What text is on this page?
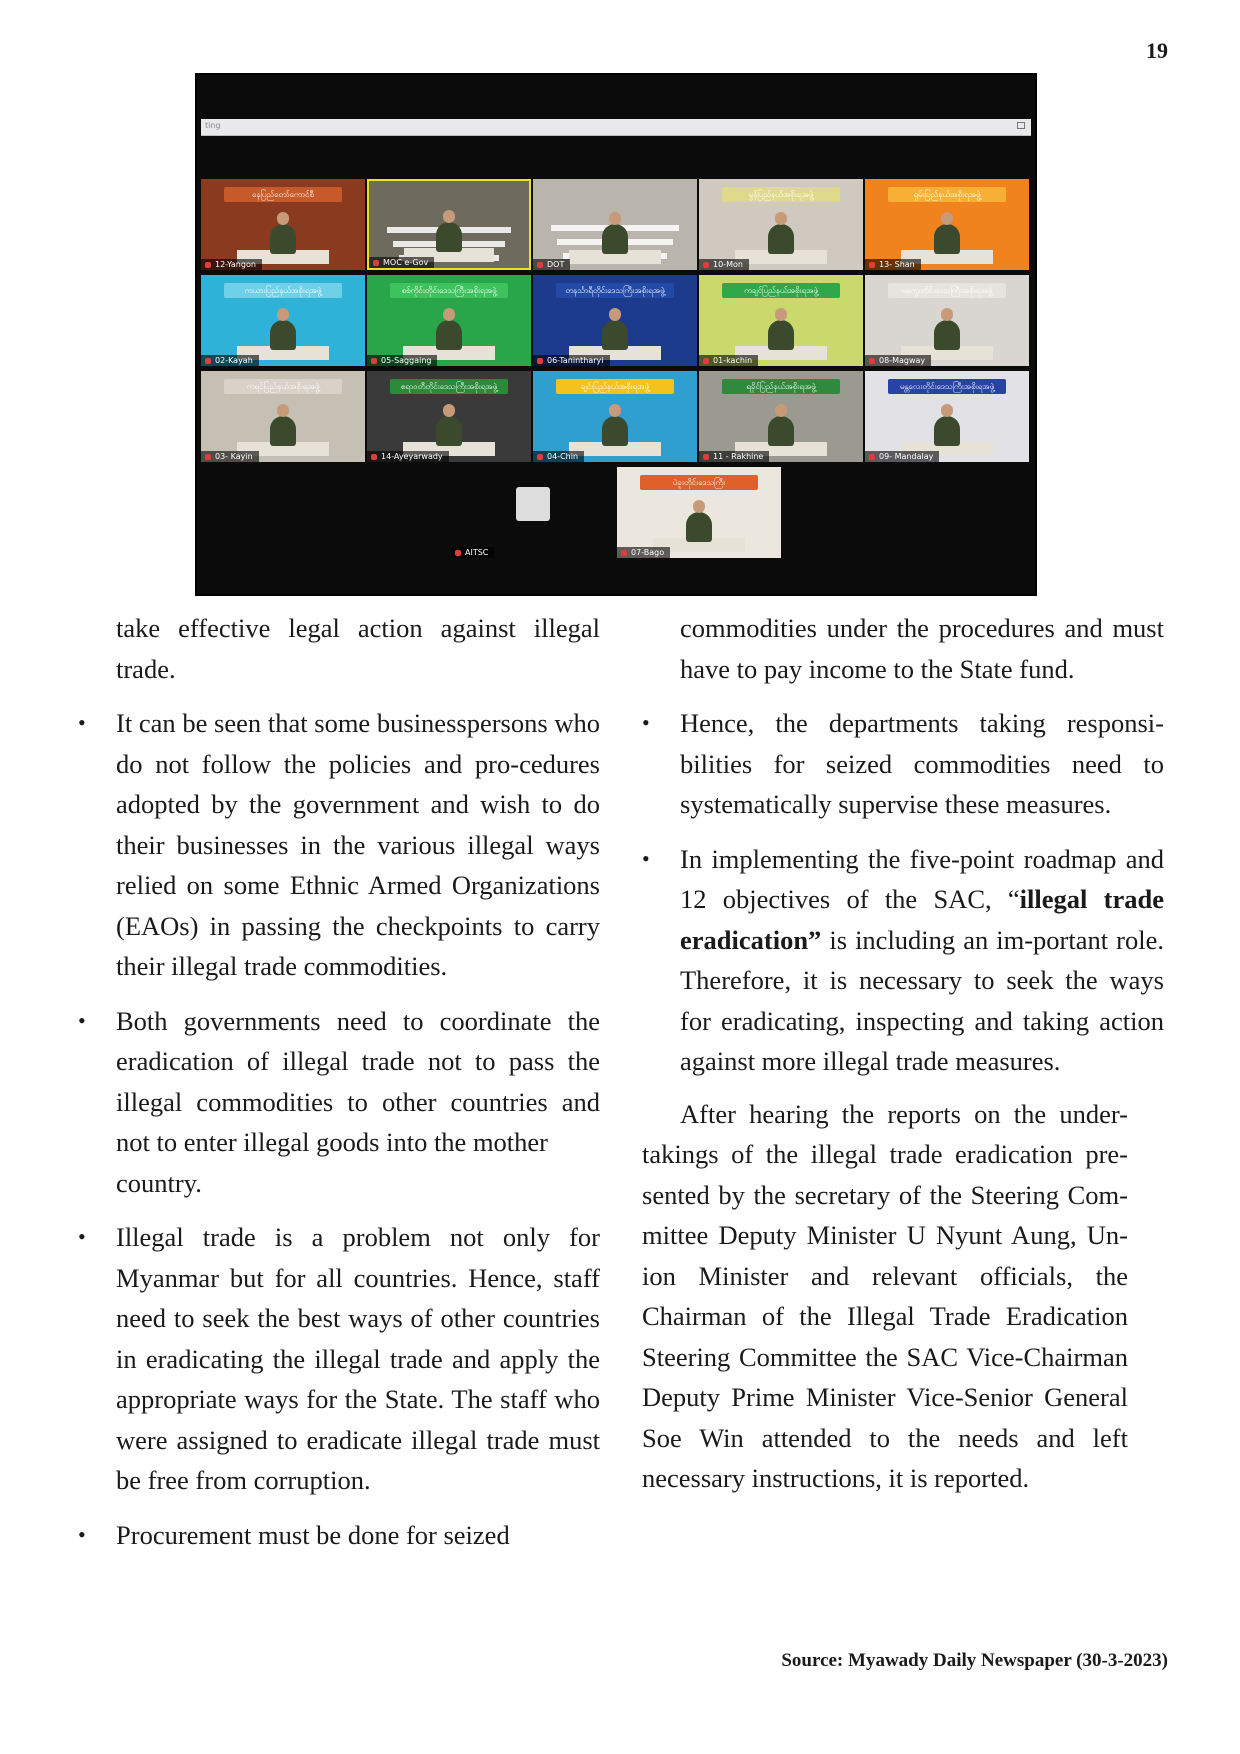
19
ting
နေပြည်တော်ကောင်စီ
12-Yangon	MOC e-Gov	DOT
မွန်ပြည်နယ်အစိုးရအဖွဲ့
10-Mon
ရှမ်းပြည်နယ်အစိုးရအဖွဲ့
13- Shan
ကယားပြည်နယ်အစိုးရအဖွဲ့
02-Kayah
စစ်ကိုင်းတိုင်းဒေသကြီးအစိုးရအဖွဲ့
05-Saggaing
တနင်္သာရီတိုင်းဒေသကြီးအစိုးရအဖွဲ့
06-Tanintharyi
ကချင်ပြည်နယ်အစိုးရအဖွဲ့
01-kachin
မကွေးတိုင်းဒေသကြီးအစိုးရအဖွဲ့
08-Magway
ကရင်ပြည်နယ်အစိုးရအဖွဲ့
03- Kayin
ဧရာဝတီတိုင်းဒေသကြီးအစိုးရအဖွဲ့
14-Ayeyarwady
ချင်းပြည်နယ်အစိုးရအဖွဲ့
04-Chin
ရခိုင်ပြည်နယ်အစိုးရအဖွဲ့
11 - Rakhine
မန္တလေးတိုင်းဒေသကြီးအစိုးရအဖွဲ့
09- Mandalay
AITSC
ပဲခူးတိုင်းဒေသကြီး
07-Bago

take effective legal action against illegal trade.

• It can be seen that some businesspersons who do not follow the policies and pro-cedures adopted by the government and wish to do their businesses in the various illegal ways relied on some Ethnic Armed Organizations (EAOs) in passing the checkpoints to carry their illegal trade commodities.
• Both governments need to coordinate the eradication of illegal trade not to pass the illegal commodities to other countries and not to enter illegal goods into the mother
country.
• Illegal trade is a problem not only for Myanmar but for all countries. Hence, staff need to seek the best ways of other countries in eradicating the illegal trade and apply the appropriate ways for the State. The staff who were assigned to eradicate illegal trade must be free from corruption.
• Procurement must be done for seized

commodities under the procedures and must have to pay income to the State fund.

• Hence, the departments taking responsi-bilities for seized commodities need to systematically supervise these measures.
• In implementing the five-point roadmap and 12 objectives of the SAC, “illegal trade eradication” is including an im-portant role. Therefore, it is necessary to seek the ways for eradicating, inspecting and taking action against more illegal trade measures.

After hearing the reports on the under-takings of the illegal trade eradication pre-sented by the secretary of the Steering Com-mittee Deputy Minister U Nyunt Aung, Un-ion Minister and relevant officials, the Chairman of the Illegal Trade Eradication Steering Committee the SAC Vice-Chairman Deputy Prime Minister Vice-Senior General Soe Win attended to the needs and left necessary instructions, it is reported.

Source: Myawady Daily Newspaper (30-3-2023)
